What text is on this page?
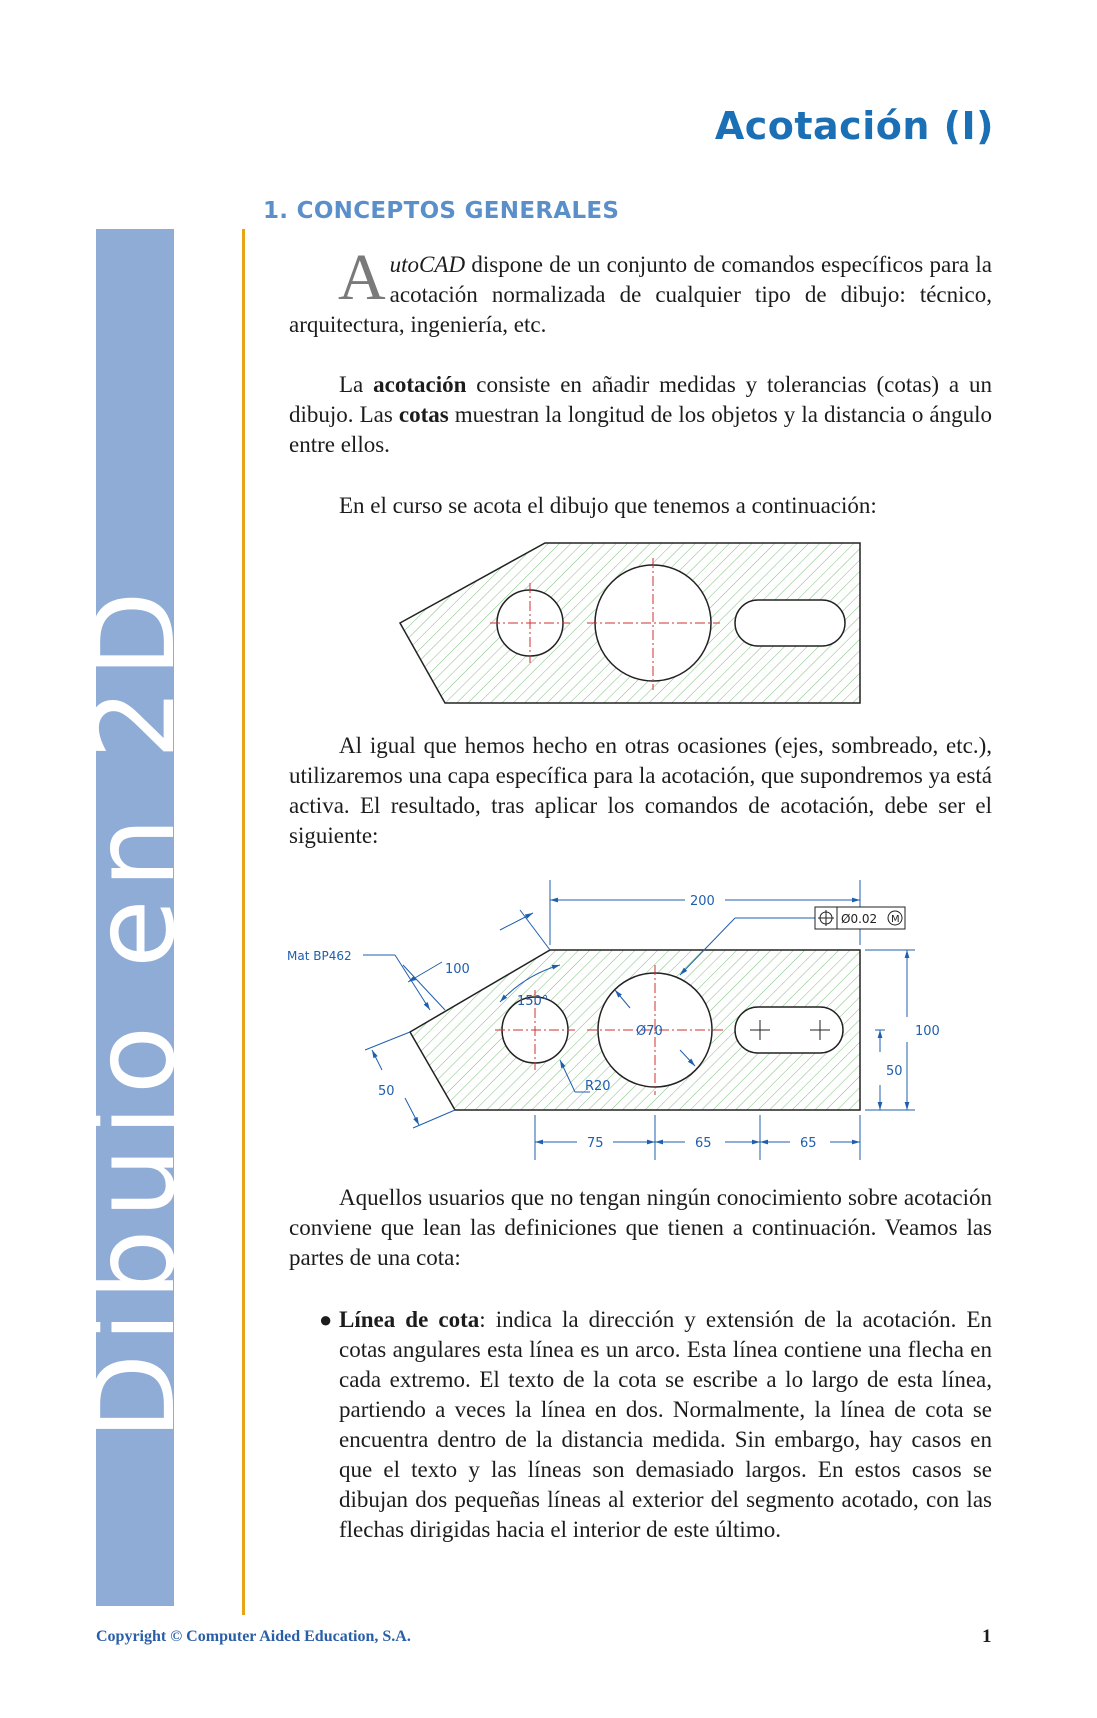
Acotación (I)
Dibujo en 2D
1. CONCEPTOS GENERALES

AutoCAD dispone de un conjunto de comandos específicos para la acotación normalizada de cualquier tipo de dibujo: técnico, arquitectura, ingeniería, etc.

La acotación consiste en añadir medidas y tolerancias (cotas) a un dibujo. Las cotas muestran la longitud de los objetos y la distancia o ángulo entre ellos.

En el curso se acota el dibujo que tenemos a continuación:

Al igual que hemos hecho en otras ocasiones (ejes, sombreado, etc.), utilizaremos una capa específica para la acotación, que supondremos ya está activa. El resultado, tras aplicar los comandos de acotación, debe ser el siguiente:

Ø0.02 M
200
100
50
150°
Ø70
R20
100
50
75	65	65
Mat BP462

Aquellos usuarios que no tengan ningún conocimiento sobre acotación conviene que lean las definiciones que tienen a continuación. Veamos las partes de una cota:

● Línea de cota: indica la dirección y extensión de la acotación. En cotas angulares esta línea es un arco. Esta línea contiene una flecha en cada extremo. El texto de la cota se escribe a lo largo de esta línea, partiendo a veces la línea en dos. Normalmente, la línea de cota se encuentra dentro de la distancia medida. Sin embargo, hay casos en que el texto y las líneas son demasiado largos. En estos casos se dibujan dos pequeñas líneas al exterior del segmento acotado, con las flechas dirigidas hacia el interior de este último.
Copyright © Computer Aided Education, S.A.	1
